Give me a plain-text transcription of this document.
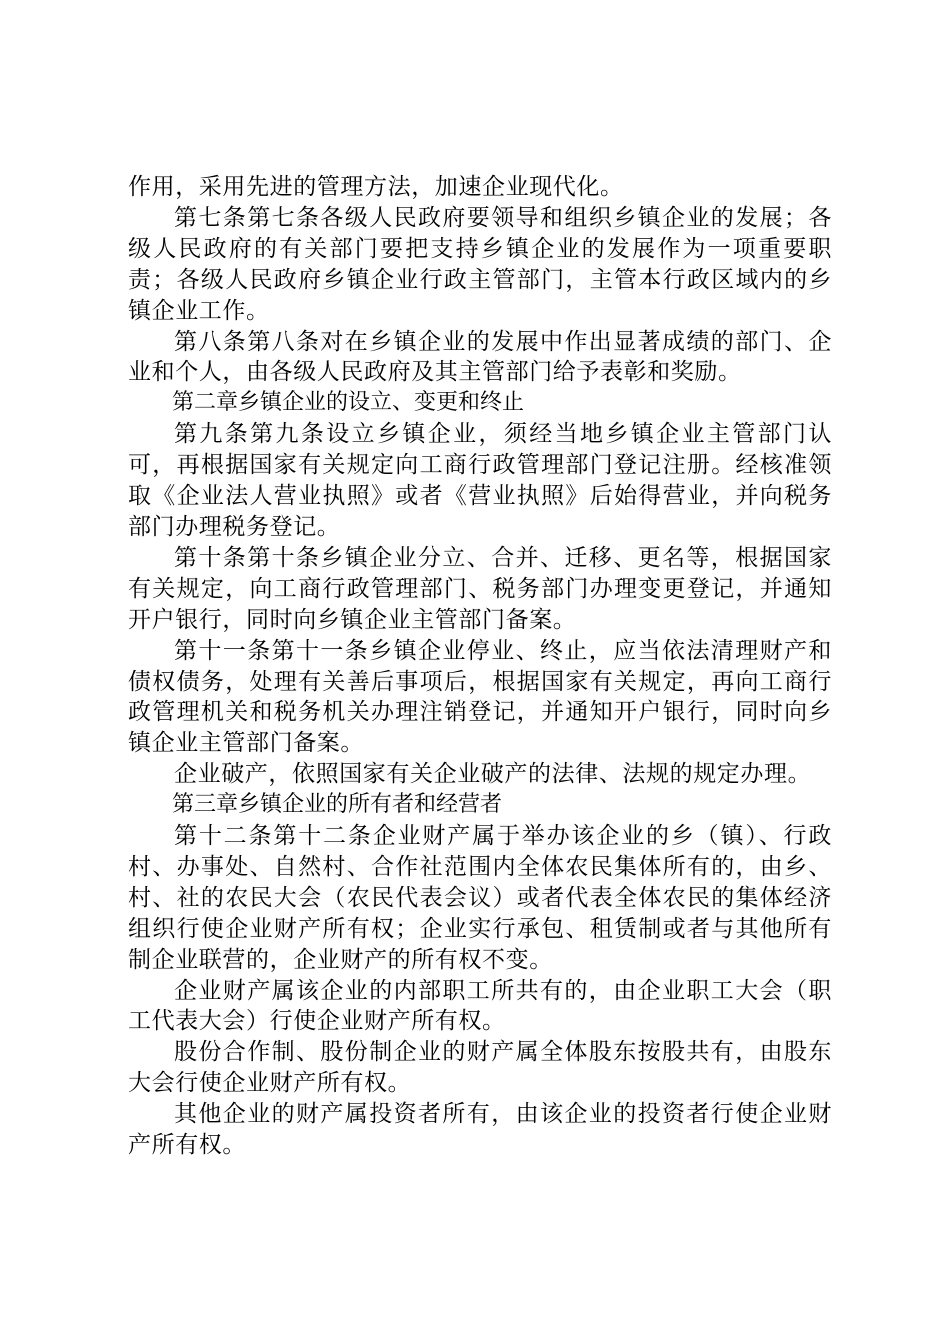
作用，采用先进的管理方法，加速企业现代化。

第七条第七条各级人民政府要领导和组织乡镇企业的发展；各级人民政府的有关部门要把支持乡镇企业的发展作为一项重要职责；各级人民政府乡镇企业行政主管部门，主管本行政区域内的乡镇企业工作。

第八条第八条对在乡镇企业的发展中作出显著成绩的部门、企业和个人，由各级人民政府及其主管部门给予表彰和奖励。

第二章乡镇企业的设立、变更和终止

第九条第九条设立乡镇企业，须经当地乡镇企业主管部门认可，再根据国家有关规定向工商行政管理部门登记注册。经核准领取《企业法人营业执照》或者《营业执照》后始得营业，并向税务部门办理税务登记。

第十条第十条乡镇企业分立、合并、迁移、更名等，根据国家有关规定，向工商行政管理部门、税务部门办理变更登记，并通知开户银行，同时向乡镇企业主管部门备案。

第十一条第十一条乡镇企业停业、终止，应当依法清理财产和债权债务，处理有关善后事项后，根据国家有关规定，再向工商行政管理机关和税务机关办理注销登记，并通知开户银行，同时向乡镇企业主管部门备案。

企业破产，依照国家有关企业破产的法律、法规的规定办理。

第三章乡镇企业的所有者和经营者

第十二条第十二条企业财产属于举办该企业的乡（镇）、行政村、办事处、自然村、合作社范围内全体农民集体所有的，由乡、村、社的农民大会（农民代表会议）或者代表全体农民的集体经济组织行使企业财产所有权；企业实行承包、租赁制或者与其他所有制企业联营的，企业财产的所有权不变。

企业财产属该企业的内部职工所共有的，由企业职工大会（职工代表大会）行使企业财产所有权。

股份合作制、股份制企业的财产属全体股东按股共有，由股东大会行使企业财产所有权。

其他企业的财产属投资者所有，由该企业的投资者行使企业财产所有权。
